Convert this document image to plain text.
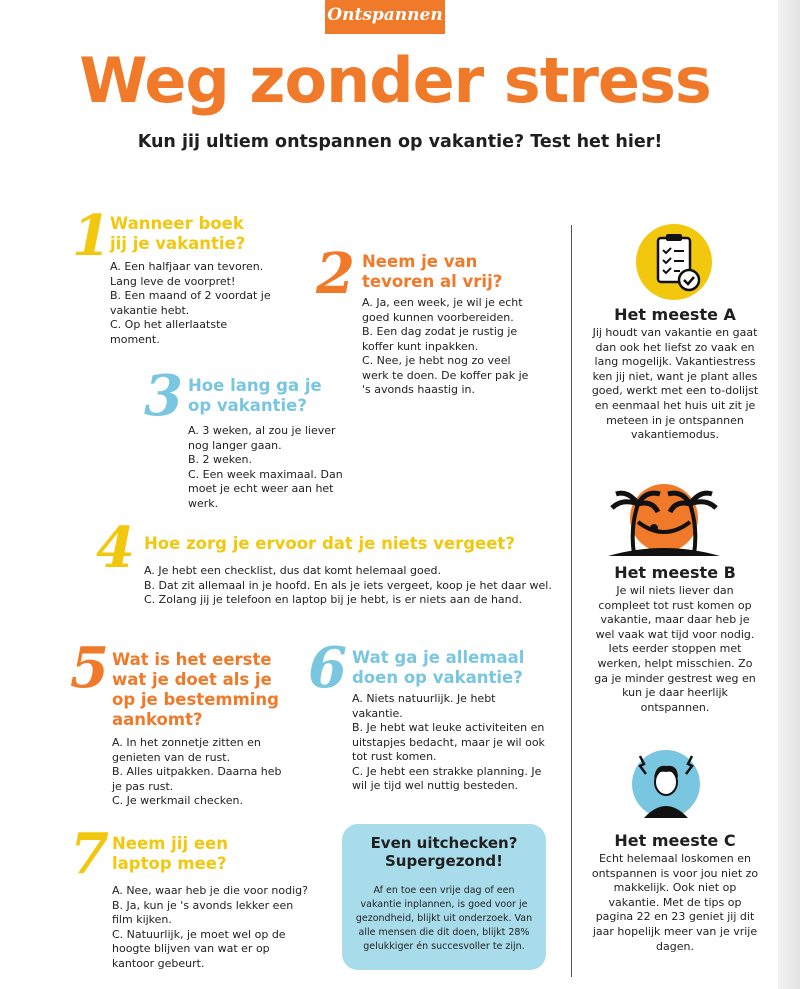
Ontspannen
Weg zonder stress
Kun jij ultiem ontspannen op vakantie? Test het hier!
1 Wanneer boek jij je vakantie?
A. Een halfjaar van tevoren. Lang leve de voorpret!
B. Een maand of 2 voordat je vakantie hebt.
C. Op het allerlaatste moment.
2 Neem je van tevoren al vrij?
A. Ja, een week, je wil je echt goed kunnen voorbereiden.
B. Een dag zodat je rustig je koffer kunt inpakken.
C. Nee, je hebt nog zo veel werk te doen. De koffer pak je 's avonds haastig in.
3 Hoe lang ga je op vakantie?
A. 3 weken, al zou je liever nog langer gaan.
B. 2 weken.
C. Een week maximaal. Dan moet je echt weer aan het werk.
4 Hoe zorg je ervoor dat je niets vergeet?
A. Je hebt een checklist, dus dat komt helemaal goed.
B. Dat zit allemaal in je hoofd. En als je iets vergeet, koop je het daar wel.
C. Zolang jij je telefoon en laptop bij je hebt, is er niets aan de hand.
5 Wat is het eerste wat je doet als je op je bestemming aankomt?
A. In het zonnetje zitten en genieten van de rust.
B. Alles uitpakken. Daarna heb je pas rust.
C. Je werkmail checken.
6 Wat ga je allemaal doen op vakantie?
A. Niets natuurlijk. Je hebt vakantie.
B. Je hebt wat leuke activiteiten en uitstapjes bedacht, maar je wil ook tot rust komen.
C. Je hebt een strakke planning. Je wil je tijd wel nuttig besteden.
7 Neem jij een laptop mee?
A. Nee, waar heb je die voor nodig?
B. Ja, kun je 's avonds lekker een film kijken.
C. Natuurlijk, je moet wel op de hoogte blijven van wat er op kantoor gebeurt.
Even uitchecken? Supergezond!
Af en toe een vrije dag of een vakantie inplannen, is goed voor je gezondheid, blijkt uit onderzoek. Van alle mensen die dit doen, blijkt 28% gelukkiger én succesvoller te zijn.
Het meeste A
Jij houdt van vakantie en gaat dan ook het liefst zo vaak en lang mogelijk. Vakantiestress ken jij niet, want je plant alles goed, werkt met een to-dolijst en eenmaal het huis uit zit je meteen in je ontspannen vakantiemodus.
Het meeste B
Je wil niets liever dan compleet tot rust komen op vakantie, maar daar heb je wel vaak wat tijd voor nodig. Iets eerder stoppen met werken, helpt misschien. Zo ga je minder gestrest weg en kun je daar heerlijk ontspannen.
Het meeste C
Echt helemaal loskomen en ontspannen is voor jou niet zo makkelijk. Ook niet op vakantie. Met de tips op pagina 22 en 23 geniet jij dit jaar hopelijk meer van je vrije dagen.
